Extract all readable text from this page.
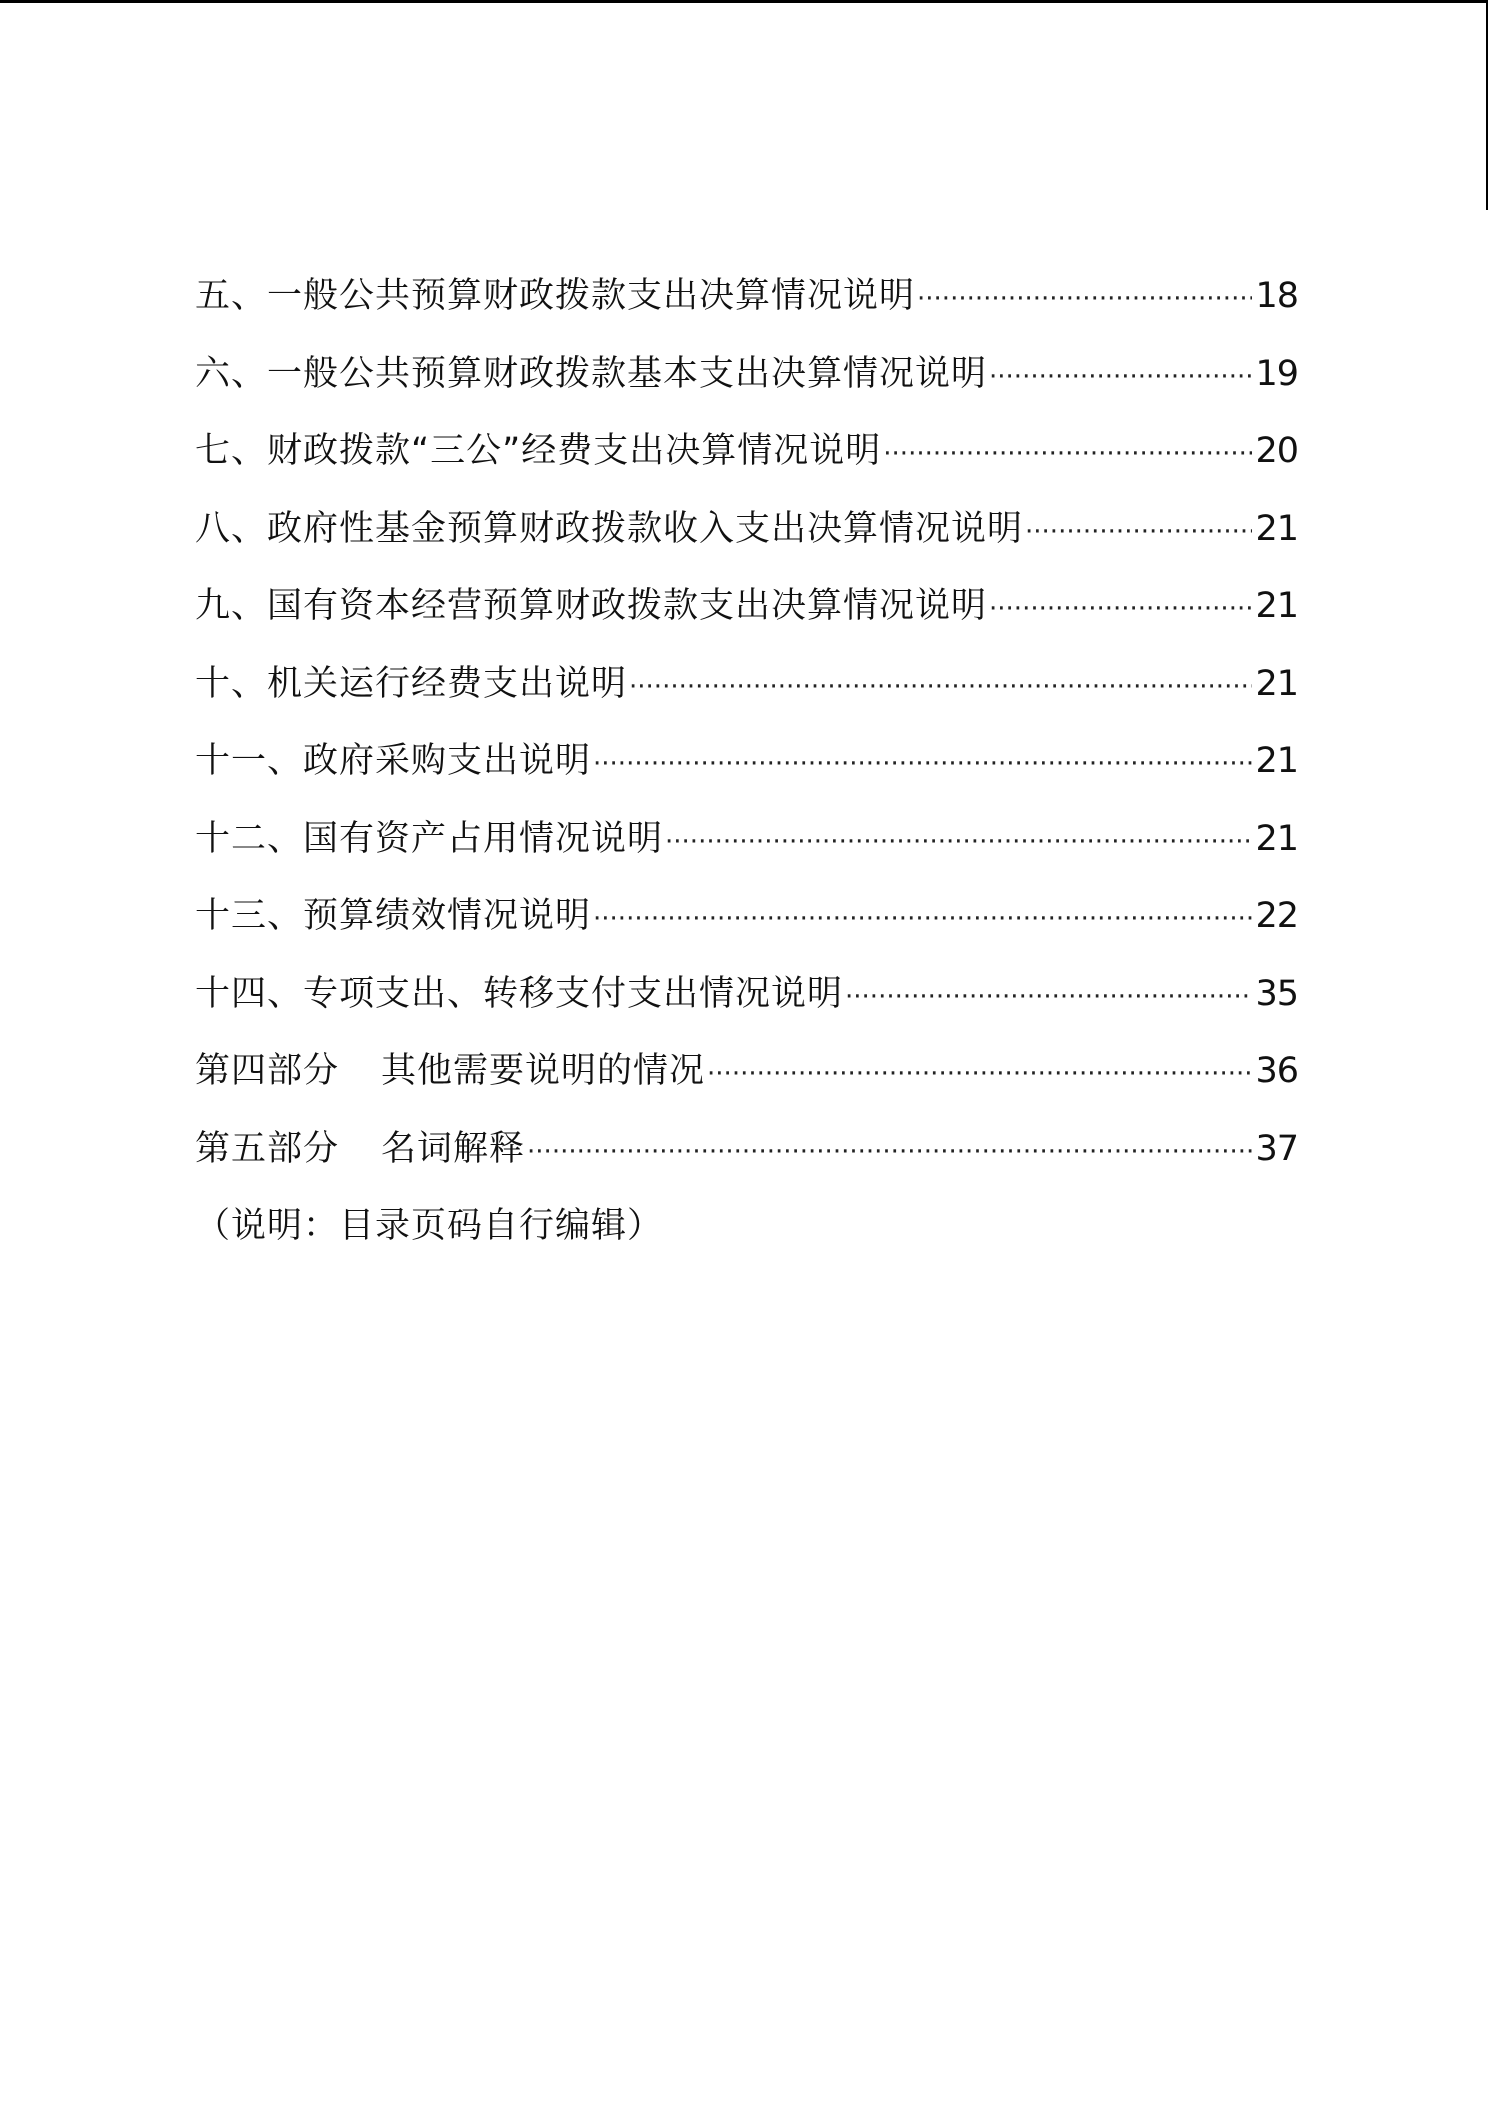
五、一般公共预算财政拨款支出决算情况说明 ·····	18
六、一般公共预算财政拨款基本支出决算情况说明 ·····	19
七、财政拨款“三公”经费支出决算情况说明 ·····	20
八、政府性基金预算财政拨款收入支出决算情况说明 ·····	21
九、国有资本经营预算财政拨款支出决算情况说明 ·····	21
十、机关运行经费支出说明 ·····	21
十一、政府采购支出说明 ·····	21
十二、国有资产占用情况说明 ·····	21
十三、预算绩效情况说明 ·····	22
十四、专项支出、转移支付支出情况说明 ·····	35
第四部分 其他需要说明的情况 ·····	36
第五部分 名词解释 ·····	37
（说明：目录页码自行编辑）
